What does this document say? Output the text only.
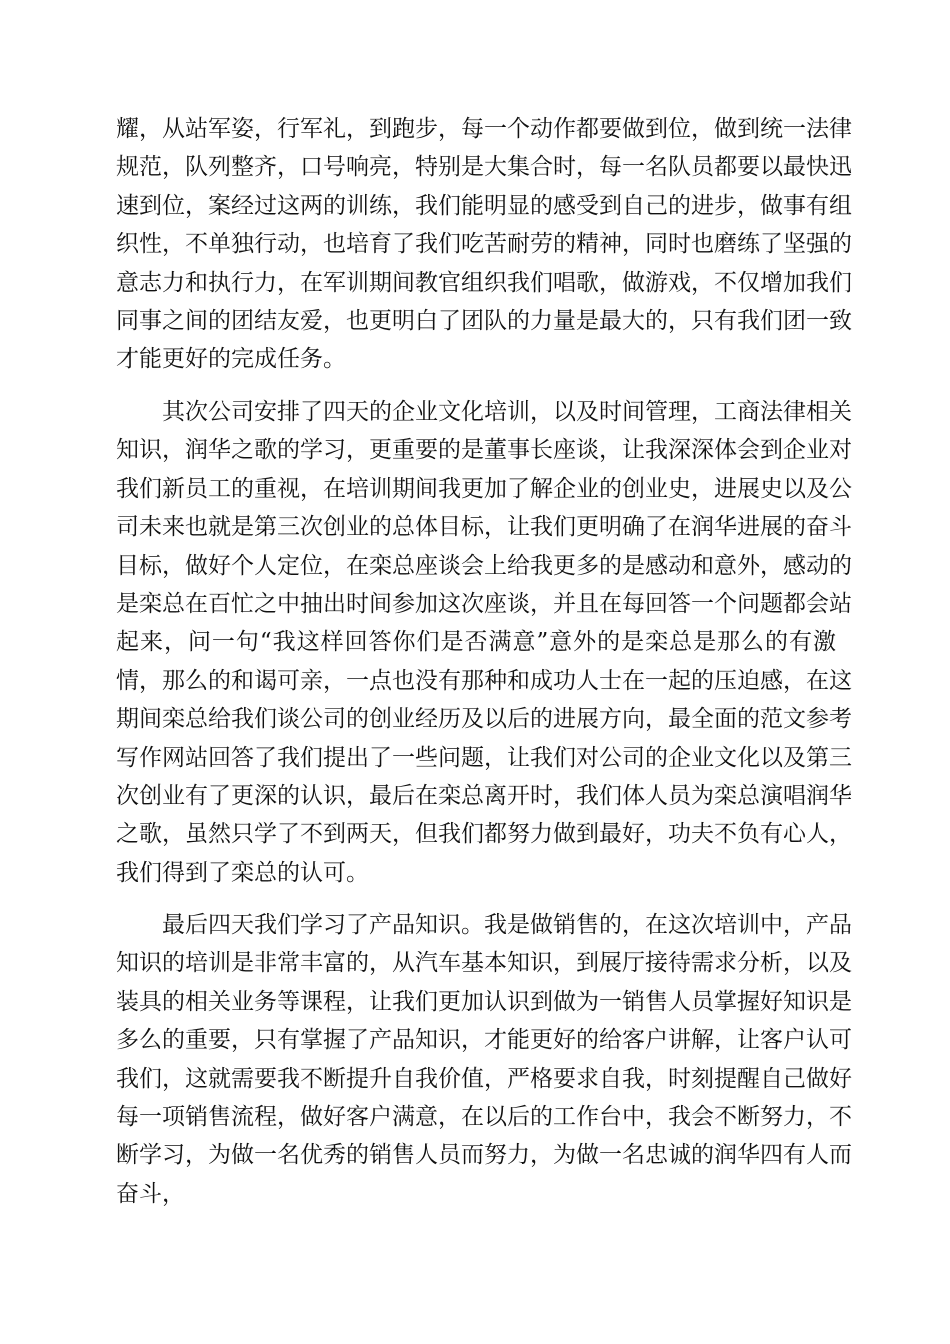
耀，从站军姿，行军礼，到跑步，每一个动作都要做到位，做到统一法律
规范，队列整齐，口号响亮，特别是大集合时，每一名队员都要以最快迅
速到位，案经过这两的训练，我们能明显的感受到自己的进步，做事有组
织性，不单独行动，也培育了我们吃苦耐劳的精神，同时也磨练了坚强的
意志力和执行力，在军训期间教官组织我们唱歌，做游戏，不仅增加我们
同事之间的团结友爱，也更明白了团队的力量是最大的，只有我们团一致
才能更好的完成任务。
　　其次公司安排了四天的企业文化培训，以及时间管理，工商法律相关
知识，润华之歌的学习，更重要的是董事长座谈，让我深深体会到企业对
我们新员工的重视，在培训期间我更加了解企业的创业史，进展史以及公
司未来也就是第三次创业的总体目标，让我们更明确了在润华进展的奋斗
目标，做好个人定位，在栾总座谈会上给我更多的是感动和意外，感动的
是栾总在百忙之中抽出时间参加这次座谈，并且在每回答一个问题都会站
起来，问一句“我这样回答你们是否满意”意外的是栾总是那么的有激
情，那么的和谒可亲，一点也没有那种和成功人士在一起的压迫感，在这
期间栾总给我们谈公司的创业经历及以后的进展方向，最全面的范文参考
写作网站回答了我们提出了一些问题，让我们对公司的企业文化以及第三
次创业有了更深的认识，最后在栾总离开时，我们体人员为栾总演唱润华
之歌，虽然只学了不到两天，但我们都努力做到最好，功夫不负有心人，
我们得到了栾总的认可。
　　最后四天我们学习了产品知识。我是做销售的，在这次培训中，产品
知识的培训是非常丰富的，从汽车基本知识，到展厅接待需求分析，以及
装具的相关业务等课程，让我们更加认识到做为一销售人员掌握好知识是
多么的重要，只有掌握了产品知识，才能更好的给客户讲解，让客户认可
我们，这就需要我不断提升自我价值，严格要求自我，时刻提醒自己做好
每一项销售流程，做好客户满意，在以后的工作台中，我会不断努力，不
断学习，为做一名优秀的销售人员而努力，为做一名忠诚的润华四有人而
奋斗，
